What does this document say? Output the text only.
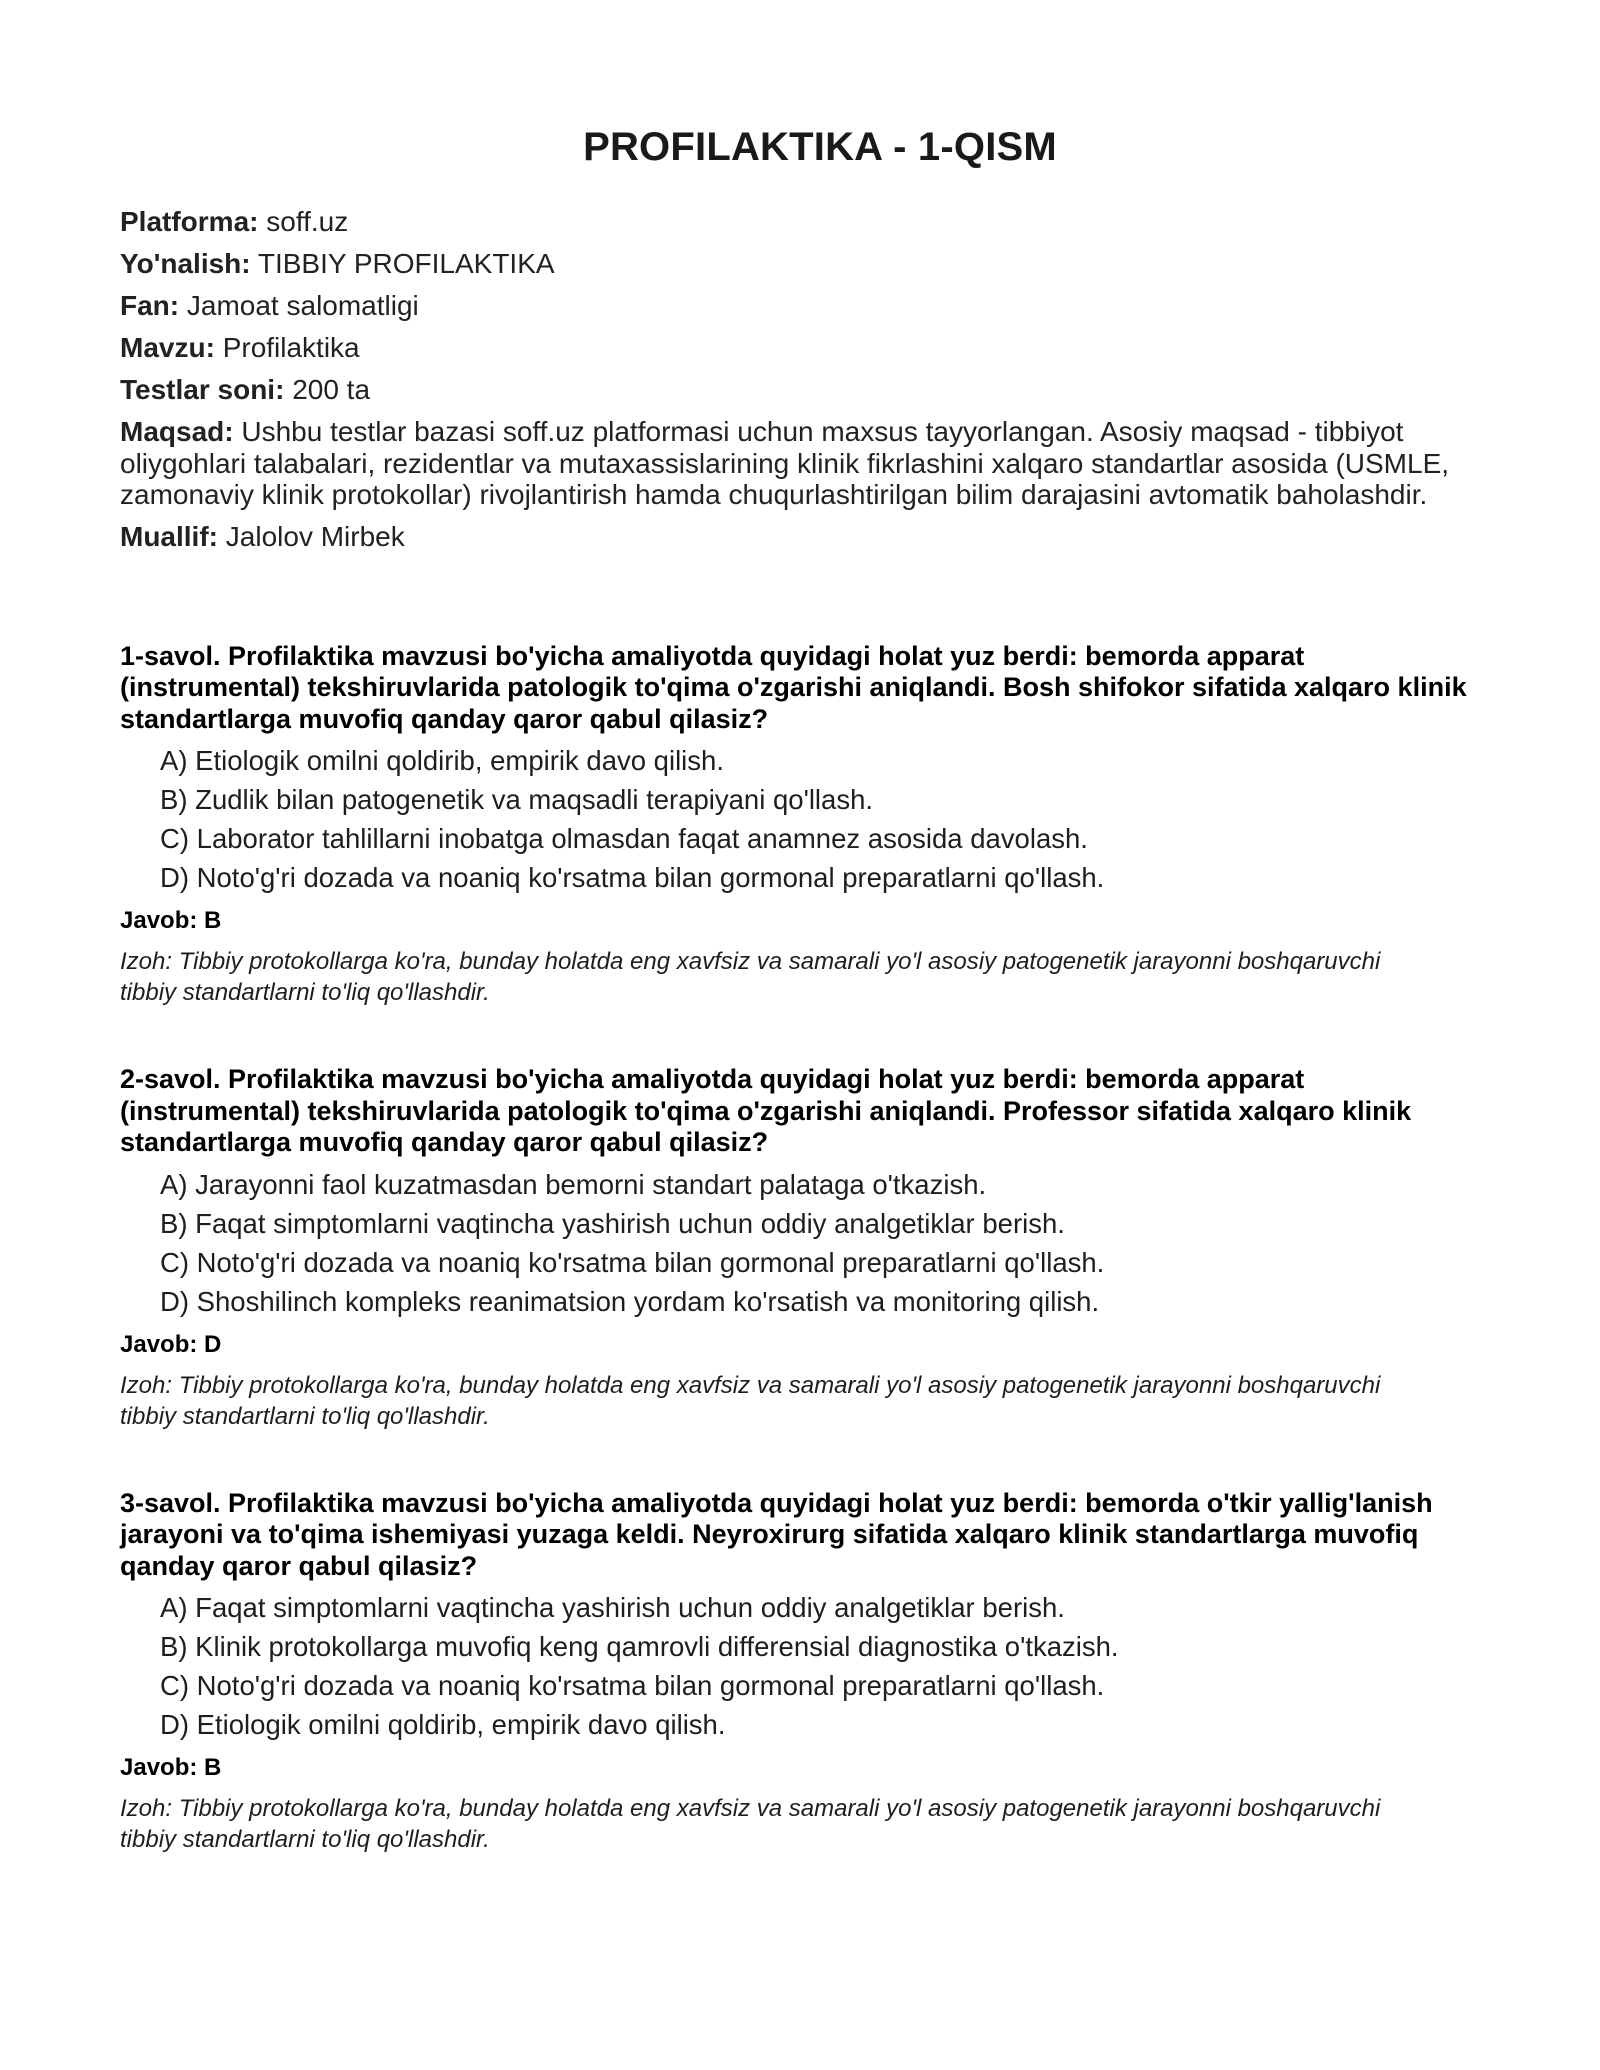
PROFILAKTIKA - 1-QISM
Platforma: soff.uz
Yo'nalish: TIBBIY PROFILAKTIKA
Fan: Jamoat salomatligi
Mavzu: Profilaktika
Testlar soni: 200 ta
Maqsad: Ushbu testlar bazasi soff.uz platformasi uchun maxsus tayyorlangan. Asosiy maqsad - tibbiyot oliygohlari talabalari, rezidentlar va mutaxassislarining klinik fikrlashini xalqaro standartlar asosida (USMLE, zamonaviy klinik protokollar) rivojlantirish hamda chuqurlashtirilgan bilim darajasini avtomatik baholashdir.
Muallif: Jalolov Mirbek
1-savol. Profilaktika mavzusi bo'yicha amaliyotda quyidagi holat yuz berdi: bemorda apparat (instrumental) tekshiruvlarida patologik to'qima o'zgarishi aniqlandi. Bosh shifokor sifatida xalqaro klinik standartlarga muvofiq qanday qaror qabul qilasiz?
A) Etiologik omilni qoldirib, empirik davo qilish.
B) Zudlik bilan patogenetik va maqsadli terapiyani qo'llash.
C) Laborator tahlillarni inobatga olmasdan faqat anamnez asosida davolash.
D) Noto'g'ri dozada va noaniq ko'rsatma bilan gormonal preparatlarni qo'llash.
Javob: B
Izoh: Tibbiy protokollarga ko'ra, bunday holatda eng xavfsiz va samarali yo'l asosiy patogenetik jarayonni boshqaruvchi tibbiy standartlarni to'liq qo'llashdir.
2-savol. Profilaktika mavzusi bo'yicha amaliyotda quyidagi holat yuz berdi: bemorda apparat (instrumental) tekshiruvlarida patologik to'qima o'zgarishi aniqlandi. Professor sifatida xalqaro klinik standartlarga muvofiq qanday qaror qabul qilasiz?
A) Jarayonni faol kuzatmasdan bemorni standart palataga o'tkazish.
B) Faqat simptomlarni vaqtincha yashirish uchun oddiy analgetiklar berish.
C) Noto'g'ri dozada va noaniq ko'rsatma bilan gormonal preparatlarni qo'llash.
D) Shoshilinch kompleks reanimatsion yordam ko'rsatish va monitoring qilish.
Javob: D
Izoh: Tibbiy protokollarga ko'ra, bunday holatda eng xavfsiz va samarali yo'l asosiy patogenetik jarayonni boshqaruvchi tibbiy standartlarni to'liq qo'llashdir.
3-savol. Profilaktika mavzusi bo'yicha amaliyotda quyidagi holat yuz berdi: bemorda o'tkir yallig'lanish jarayoni va to'qima ishemiyasi yuzaga keldi. Neyroxirurg sifatida xalqaro klinik standartlarga muvofiq qanday qaror qabul qilasiz?
A) Faqat simptomlarni vaqtincha yashirish uchun oddiy analgetiklar berish.
B) Klinik protokollarga muvofiq keng qamrovli differensial diagnostika o'tkazish.
C) Noto'g'ri dozada va noaniq ko'rsatma bilan gormonal preparatlarni qo'llash.
D) Etiologik omilni qoldirib, empirik davo qilish.
Javob: B
Izoh: Tibbiy protokollarga ko'ra, bunday holatda eng xavfsiz va samarali yo'l asosiy patogenetik jarayonni boshqaruvchi tibbiy standartlarni to'liq qo'llashdir.
